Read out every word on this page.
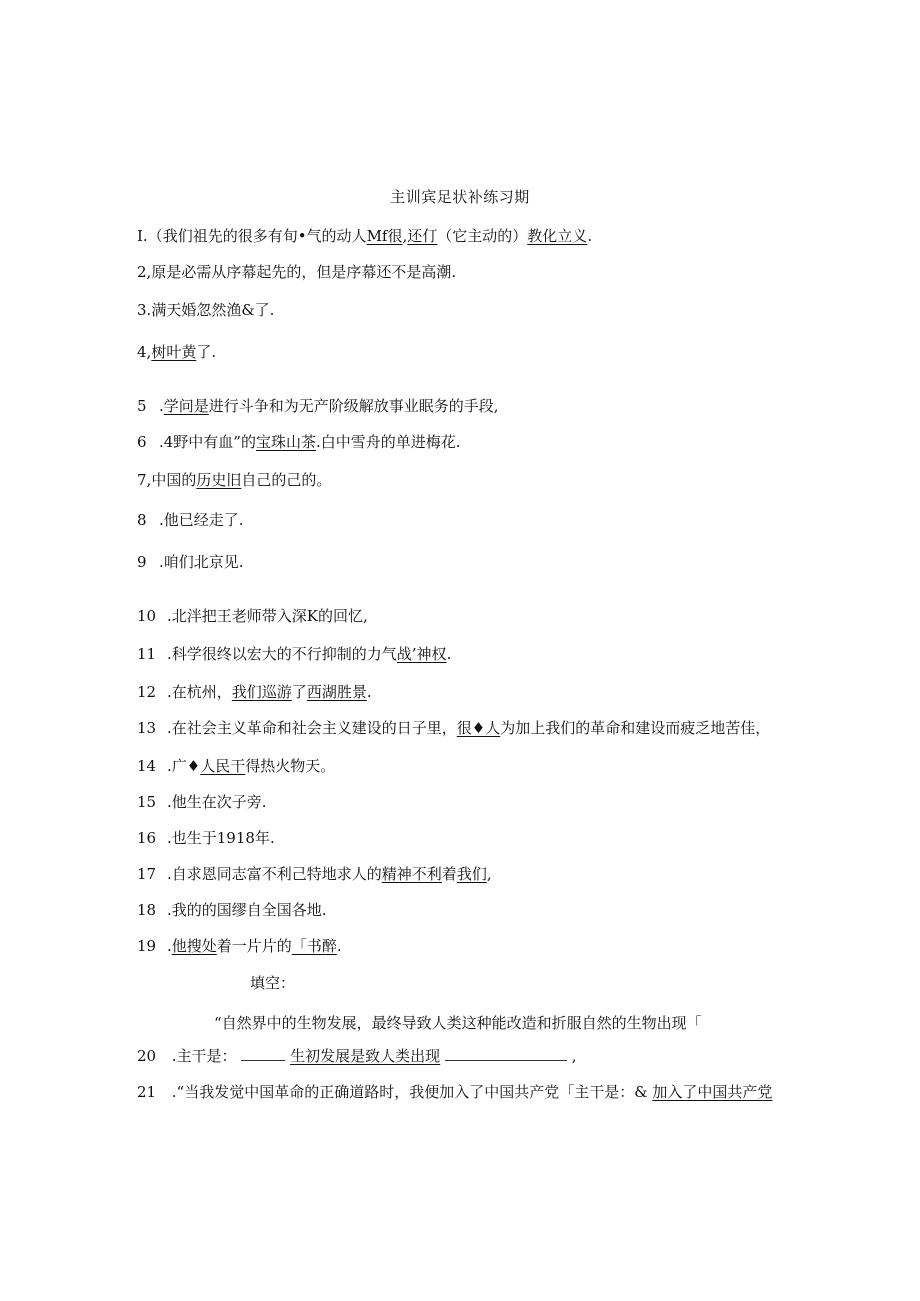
主训宾足状补练习期
I.（我们祖先的很多有旬•气的动人Mf很,还仃（它主动的）教化立义.
2,原是必需从序幕起先的，但是序幕还不是高潮.
3.满天婚忽然渔&了.
4,树叶黄了.
5 .学问是进行斗争和为无产阶级解放事业眠务的手段,
6 .4野中有血”的宝珠山茶.白中雪舟的单进梅花.
7,中国的历史旧自己的己的。
8 .他已经走了.
9 .咱们北京见.
10 .北泮把王老师带入深K的回忆,
11 .科学很终以宏大的不行抑制的力气战’神权.
12 .在杭州，我们巡游了西湖胜景.
13 .在社会主义革命和社会主义建设的日子里，很♦人为加上我们的革命和建设而疲乏地苦佳，
14 .广♦人民干得热火物天。
15 .他生在次子旁.
16 .也生于1918年.
17 .自求恩同志富不利己特地求人的精神不利着我们,
18 .我的的国缪自全国各地.
19 .他搜处着一片片的「书醉.
填空：
“自然界中的生物发展，最终导致人类这种能改造和折服自然的生物出现「
20 .主干是：	生初发展是致人类出现	,
21 .“当我发觉中国革命的正确道路时，我便加入了中国共产党「主干是：& 加入了中国共产党
